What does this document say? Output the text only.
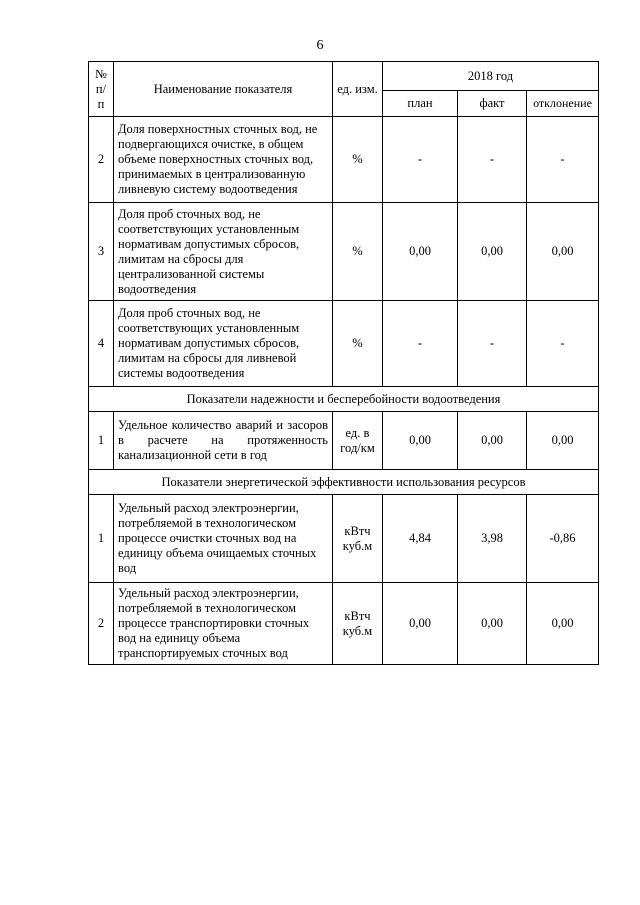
6
№ п/п	Наименование показателя	ед. изм.	2018 год		
			план	факт	отклонение
2	Доля поверхностных сточных вод, не подвергающихся очистке, в общем объеме поверхностных сточных вод, принимаемых в централизованную ливневую систему водоотведения	%	-	-	-
3	Доля проб сточных вод, не соответствующих установленным нормативам допустимых сбросов, лимитам на сбросы для централизованной системы водоотведения	%	0,00	0,00	0,00
4	Доля проб сточных вод, не соответствующих установленным нормативам допустимых сбросов, лимитам на сбросы для ливневой системы водоотведения	%	-	-	-
Показатели надежности и бесперебойности водоотведения					
1	Удельное количество аварий и засоров в расчете на протяженность канализационной сети в год	ед. в год/км	0,00	0,00	0,00
Показатели энергетической эффективности использования ресурсов					
1	Удельный расход электроэнергии, потребляемой в технологическом процессе очистки сточных вод на единицу объема очищаемых сточных вод	кВтч куб.м	4,84	3,98	-0,86
2	Удельный расход электроэнергии, потребляемой в технологическом процессе транспортировки сточных вод на единицу объема транспортируемых сточных вод	кВтч куб.м	0,00	0,00	0,00
